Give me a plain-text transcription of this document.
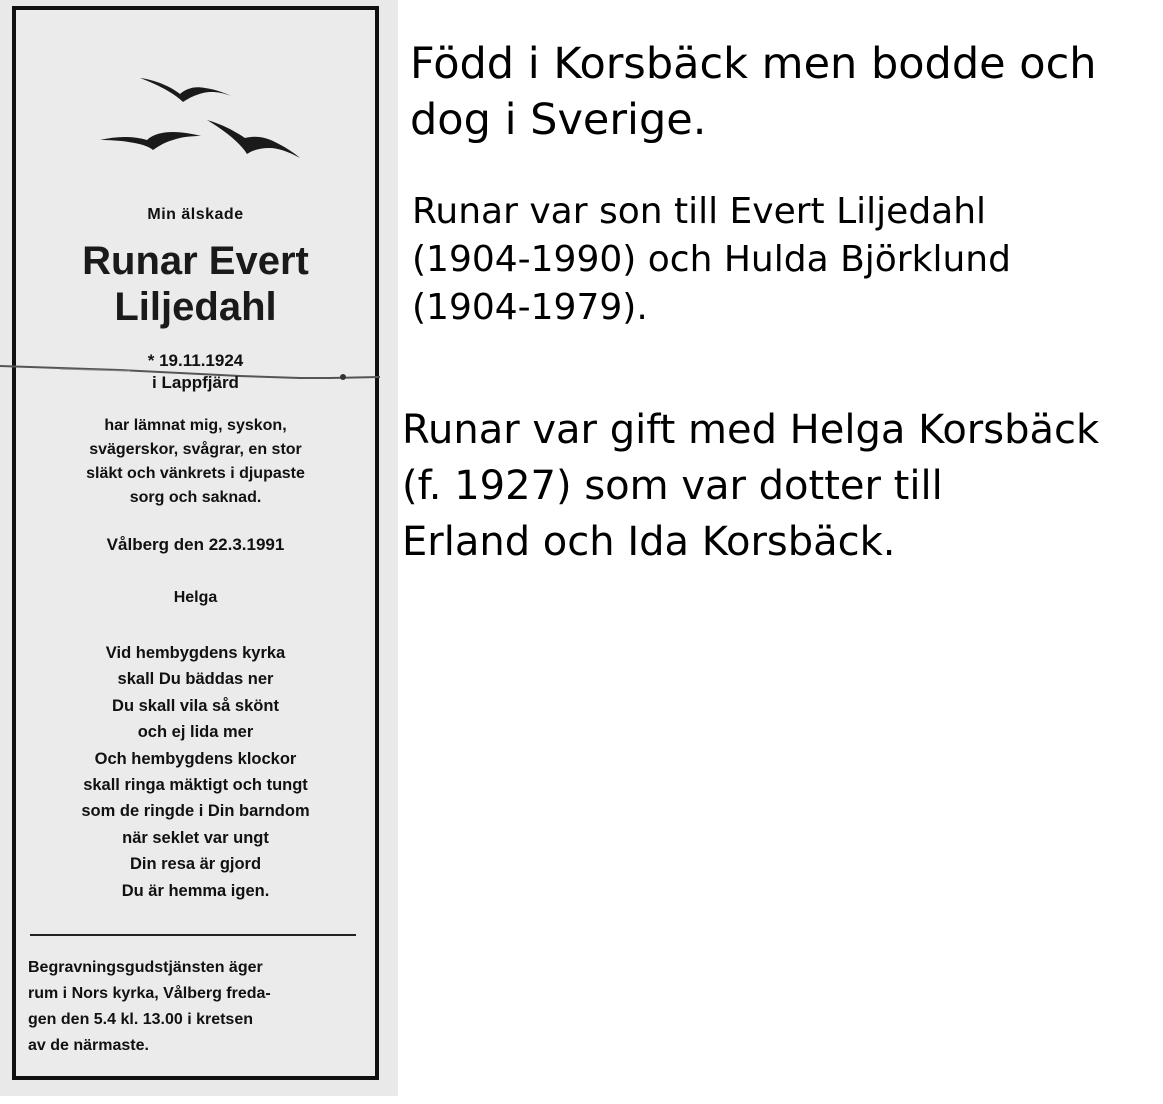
Min älskade
Runar Evert
Liljedahl
* 19.11.1924
i Lappfjärd
har lämnat mig, syskon,
svägerskor, svågrar, en stor
släkt och vänkrets i djupaste
sorg och saknad.
Vålberg den 22.3.1991
Helga
Vid hembygdens kyrka
skall Du bäddas ner
Du skall vila så skönt
och ej lida mer
Och hembygdens klockor
skall ringa mäktigt och tungt
som de ringde i Din barndom
när seklet var ungt
Din resa är gjord
Du är hemma igen.
Begravningsgudstjänsten äger
rum i Nors kyrka, Vålberg freda-
gen den 5.4 kl. 13.00 i kretsen
av de närmaste.
Född i Korsbäck men bodde och
dog i Sverige.
Runar var son till Evert Liljedahl
(1904-1990) och Hulda Björklund
(1904-1979).
Runar var gift med Helga Korsbäck
(f. 1927) som var dotter till
Erland och Ida Korsbäck.
